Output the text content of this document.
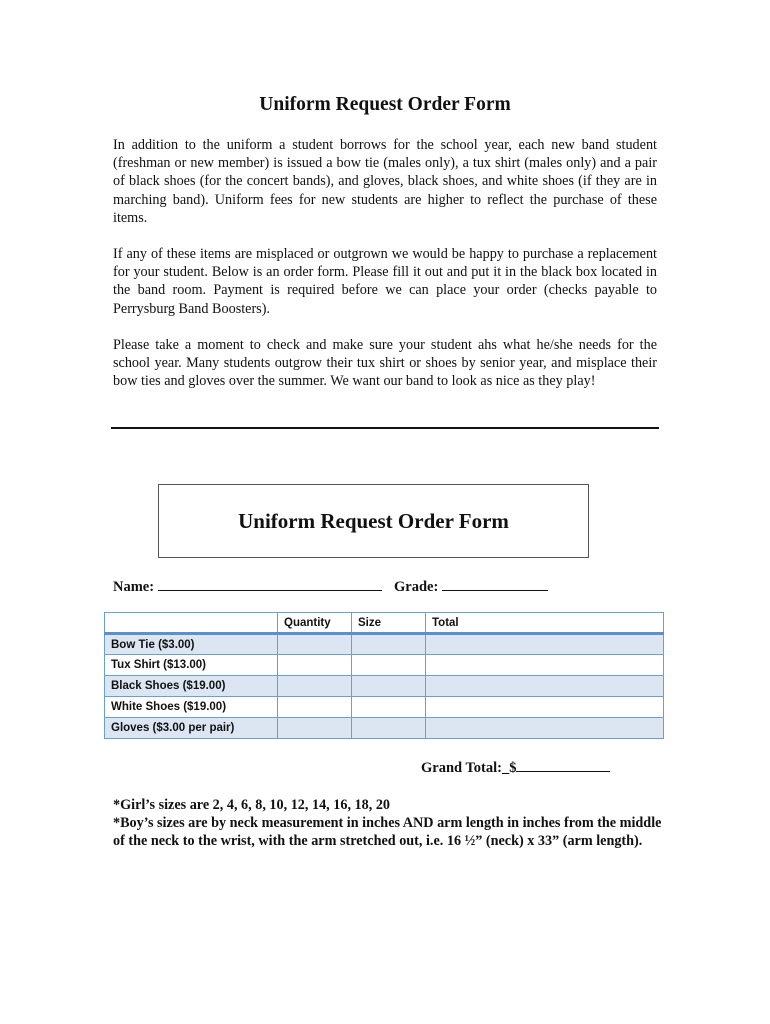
Uniform Request Order Form

In addition to the uniform a student borrows for the school year, each new band student (freshman or new member) is issued a bow tie (males only), a tux shirt (males only) and a pair of black shoes (for the concert bands), and gloves, black shoes, and white shoes (if they are in marching band). Uniform fees for new students are higher to reflect the purchase of these items.

If any of these items are misplaced or outgrown we would be happy to purchase a replacement for your student. Below is an order form. Please fill it out and put it in the black box located in the band room. Payment is required before we can place your order (checks payable to Perrysburg Band Boosters).

Please take a moment to check and make sure your student ahs what he/she needs for the school year. Many students outgrow their tux shirt or shoes by senior year, and misplace their bow ties and gloves over the summer. We want our band to look as nice as they play!

Uniform Request Order Form
Name:	Grade:
	Quantity	Size	Total
Bow Tie ($3.00)			
Tux Shirt ($13.00)			
Black Shoes ($19.00)			
White Shoes ($19.00)			
Gloves ($3.00 per pair)			
Grand Total:_$
*Girl’s sizes are 2, 4, 6, 8, 10, 12, 14, 16, 18, 20
*Boy’s sizes are by neck measurement in inches AND arm length in inches from the middle of the neck to the wrist, with the arm stretched out, i.e. 16 ½” (neck) x 33” (arm length).
